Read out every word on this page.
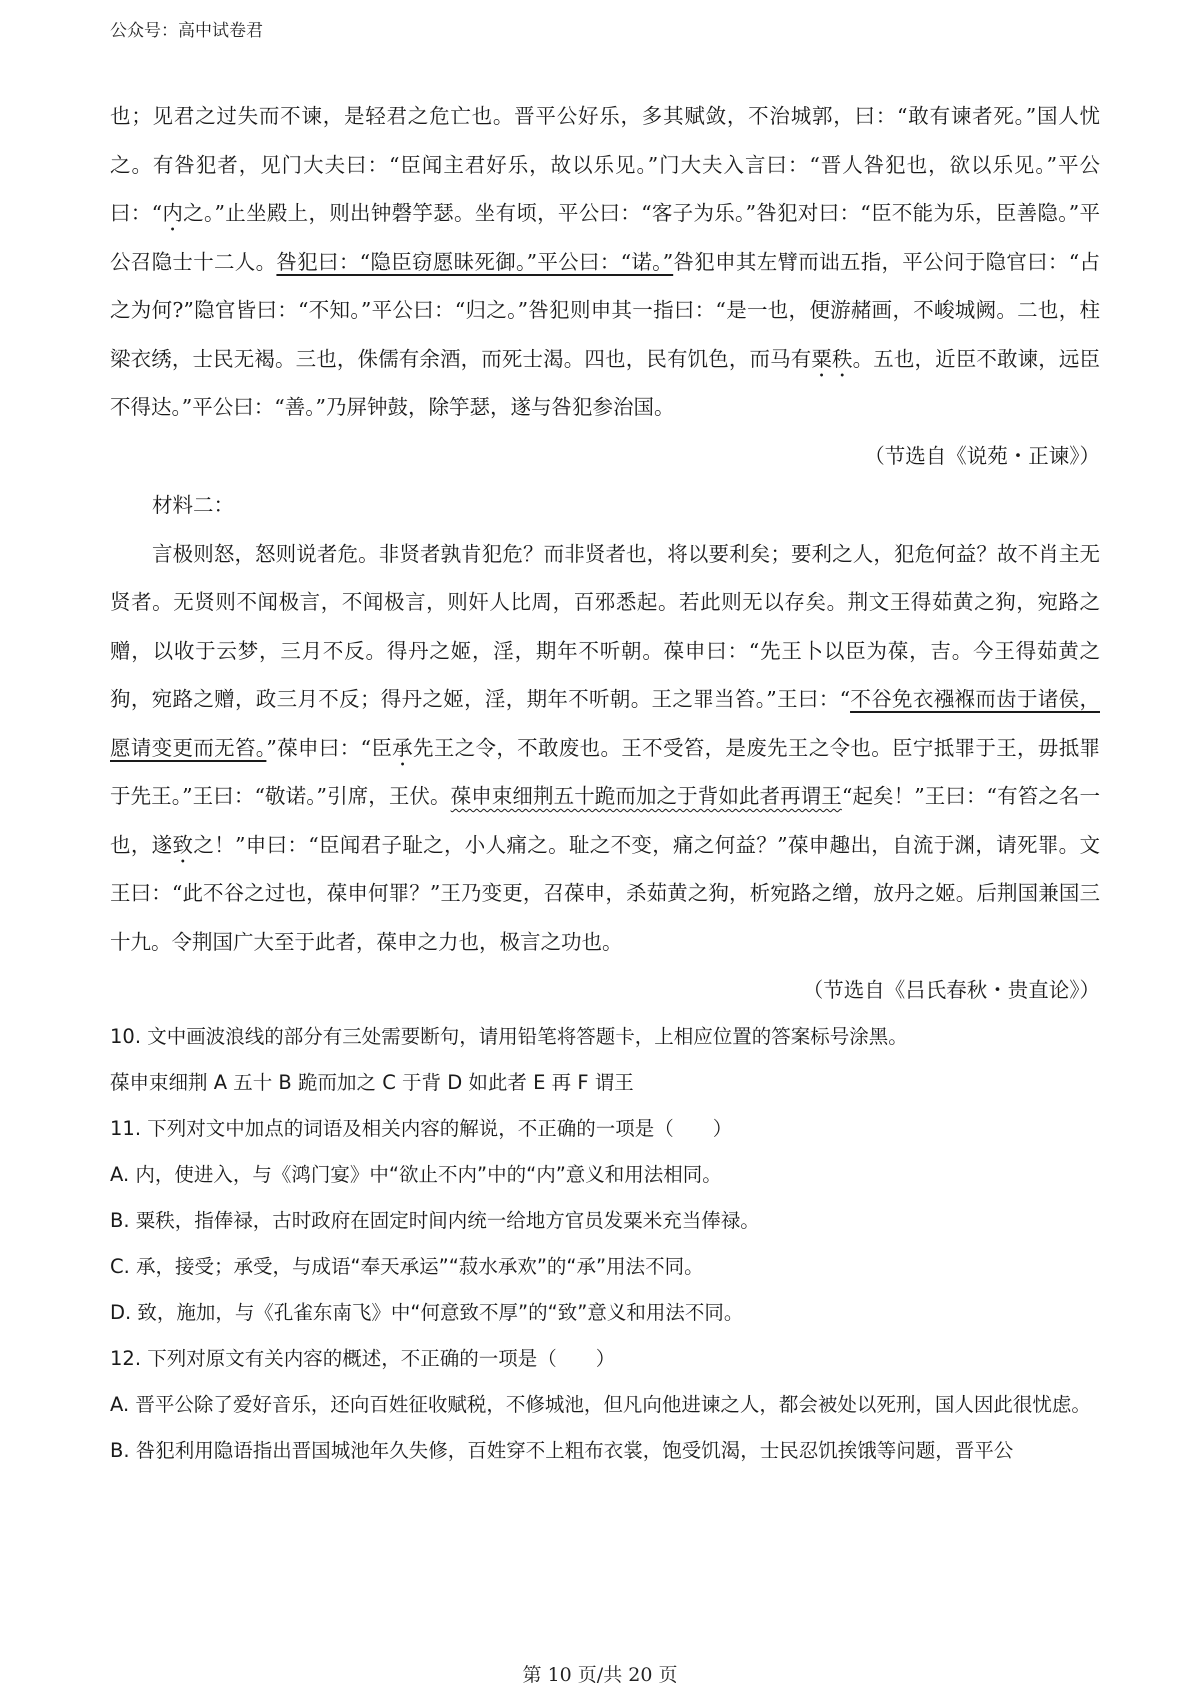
公众号：高中试卷君

也；见君之过失而不谏，是轻君之危亡也。晋平公好乐，多其赋敛，不治城郭，曰：“敢有谏者死。”国人忧之。有咎犯者，见门大夫曰：“臣闻主君好乐，故以乐见。”门大夫入言曰：“晋人咎犯也，欲以乐见。”平公曰：“内之。”止坐殿上，则出钟磬竽瑟。坐有顷，平公曰：“客子为乐。”咎犯对曰：“臣不能为乐，臣善隐。”平公召隐士十二人。咎犯曰：“隐臣窃愿昧死御。”平公曰：“诺。”咎犯申其左臂而诎五指，平公问于隐官曰：“占之为何?”隐官皆曰：“不知。”平公曰：“归之。”咎犯则申其一指曰：“是一也，便游赭画，不峻城阙。二也，柱梁衣绣，士民无褐。三也，侏儒有余酒，而死士渴。四也，民有饥色，而马有粟秩。五也，近臣不敢谏，远臣不得达。”平公曰：“善。”乃屏钟鼓，除竽瑟，遂与咎犯参治国。

（节选自《说苑・正谏》）

材料二：

言极则怒，怒则说者危。非贤者孰肯犯危？而非贤者也，将以要利矣；要利之人，犯危何益？故不肖主无贤者。无贤则不闻极言，不闻极言，则奸人比周，百邪悉起。若此则无以存矣。荆文王得茹黄之狗，宛路之赠，以收于云梦，三月不反。得丹之姬，淫，期年不听朝。葆申曰：“先王卜以臣为葆，吉。今王得茹黄之狗，宛路之赠，政三月不反；得丹之姬，淫，期年不听朝。王之罪当笞。”王曰：“不谷免衣襁褓而齿于诸侯，愿请变更而无笞。”葆申曰：“臣承先王之令，不敢废也。王不受笞，是废先王之令也。臣宁抵罪于王，毋抵罪于先王。”王曰：“敬诺。”引席，王伏。葆申束细荆五十跪而加之于背如此者再谓王“起矣！”王曰：“有笞之名一也，遂致之！”申曰：“臣闻君子耻之，小人痛之。耻之不变，痛之何益？”葆申趣出，自流于渊，请死罪。文王曰：“此不谷之过也，葆申何罪？”王乃变更，召葆申，杀茹黄之狗，析宛路之缯，放丹之姬。后荆国兼国三十九。令荆国广大至于此者，葆申之力也，极言之功也。

（节选自《吕氏春秋・贵直论》）

10. 文中画波浪线的部分有三处需要断句，请用铅笔将答题卡，上相应位置的答案标号涂黑。

葆申束细荆 A 五十 B 跪而加之 C 于背 D 如此者 E 再 F 谓王

11. 下列对文中加点的词语及相关内容的解说，不正确的一项是（　　）

A. 内，使进入，与《鸿门宴》中“欲止不内”中的“内”意义和用法相同。

B. 粟秩，指俸禄，古时政府在固定时间内统一给地方官员发粟米充当俸禄。

C. 承，接受；承受，与成语“奉天承运”“菽水承欢”的“承”用法不同。

D. 致，施加，与《孔雀东南飞》中“何意致不厚”的“致”意义和用法不同。

12. 下列对原文有关内容的概述，不正确的一项是（　　）

A. 晋平公除了爱好音乐，还向百姓征收赋税，不修城池，但凡向他进谏之人，都会被处以死刑，国人因此很忧虑。

B. 咎犯利用隐语指出晋国城池年久失修，百姓穿不上粗布衣裳，饱受饥渴，士民忍饥挨饿等问题，晋平公

第 10 页/共 20 页
